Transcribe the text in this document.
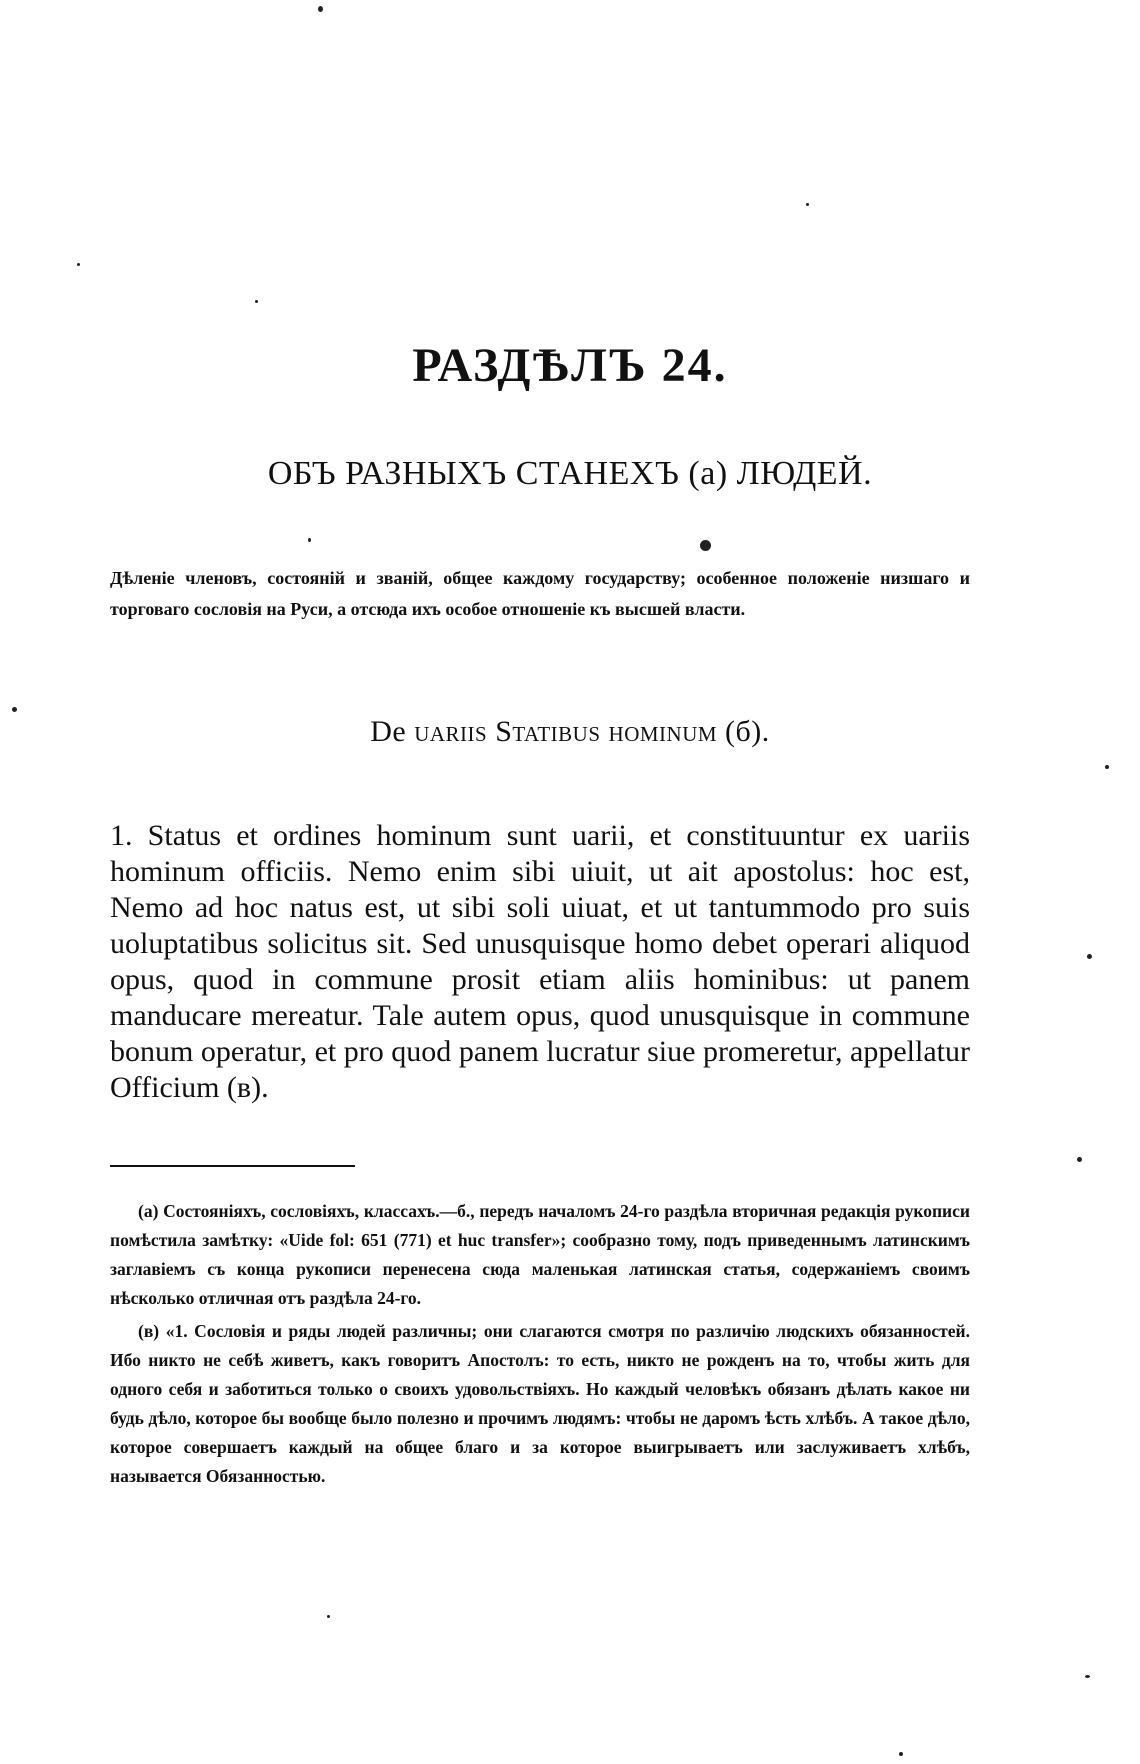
РАЗДѢЛЪ 24.
ОБЪ РАЗНЫХЪ СТАНЕХЪ (а) ЛЮДЕЙ.
Дѣленіе членовъ, состояній и званій, общее каждому государству; особенное положеніе низшаго и торговаго сословія на Руси, а отсюда ихъ особое отношеніе къ высшей власти.
De uariis Statibus hominum (б).
1. Status et ordines hominum sunt uarii, et constituuntur ex uariis hominum officiis. Nemo enim sibi uiuit, ut ait apostolus: hoc est, Nemo ad hoc natus est, ut sibi soli uiuat, et ut tantummodo pro suis uoluptatibus solicitus sit. Sed unusquisque homo debet operari aliquod opus, quod in commune prosit etiam aliis hominibus: ut panem manducare mereatur. Tale autem opus, quod unusquisque in commune bonum operatur, et pro quod panem lucratur siue promeretur, appellatur Officium (в).

(а) Состояніяхъ, сословіяхъ, классахъ.—б., передъ началомъ 24-го раздѣла вторичная редакція рукописи помѣстила замѣтку: «Uide fol: 651 (771) et huc transfer»; сообразно тому, подъ приведеннымъ латинскимъ заглавіемъ съ конца рукописи перенесена сюда маленькая латинская статья, содержаніемъ своимъ нѣсколько отличная отъ раздѣла 24-го.

(в) «1. Сословія и ряды людей различны; они слагаются смотря по различію людскихъ обязанностей. Ибо никто не себѣ живетъ, какъ говоритъ Апостолъ: то есть, никто не рожденъ на то, чтобы жить для одного себя и заботиться только о своихъ удовольствіяхъ. Но каждый человѣкъ обязанъ дѣлать какое ни будь дѣло, которое бы вообще было полезно и прочимъ людямъ: чтобы не даромъ ѣсть хлѣбъ. А такое дѣло, которое совершаетъ каждый на общее благо и за которое выигрываетъ или заслуживаетъ хлѣбъ, называется Обязанностью.
